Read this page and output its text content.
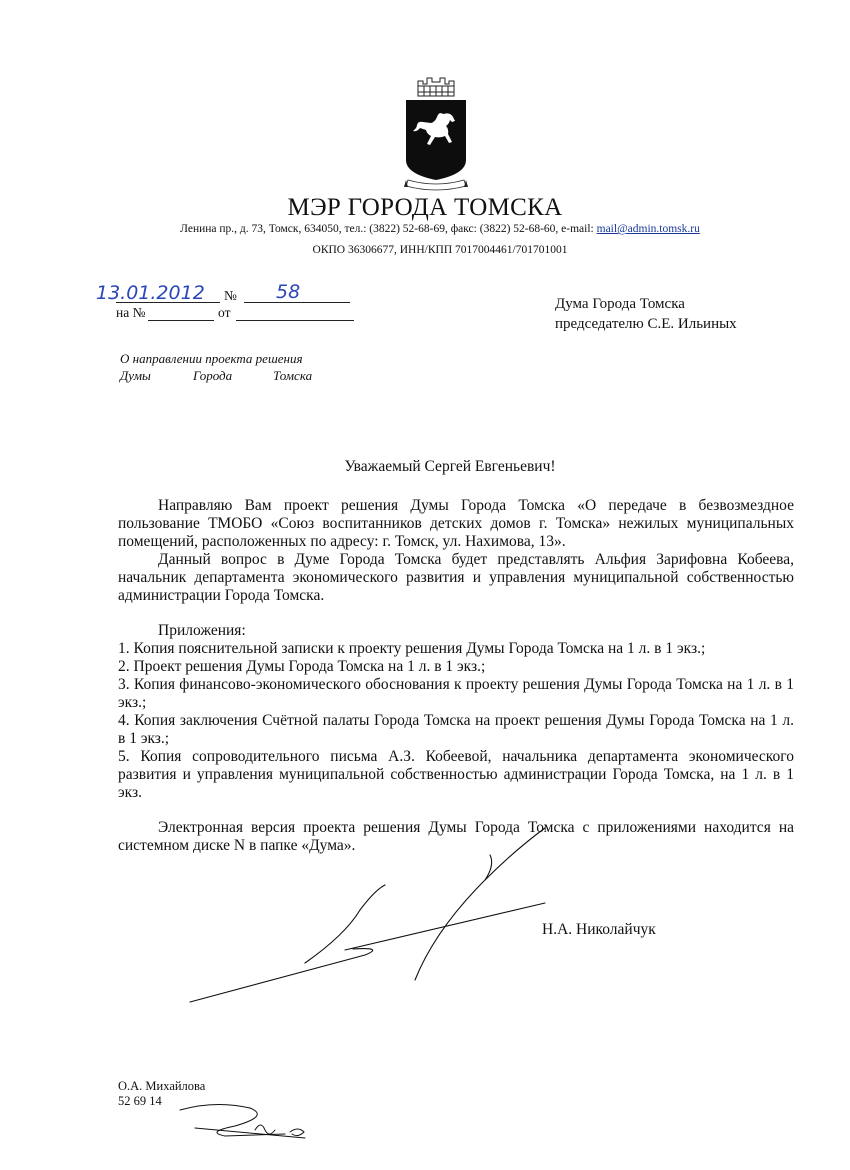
МЭР ГОРОДА ТОМСКА
Ленина пр., д. 73, Томск, 634050, тел.: (3822) 52-68-69, факс: (3822) 52-68-60, e-mail: mail@admin.tomsk.ru
ОКПО 36306677, ИНН/КПП 7017004461/701701001
13.01.2012 № 58
на №	от
Дума Города Томска
председателю С.Е. Ильиных
О направлении проекта решения
Думы	Города	Томска
Уважаемый Сергей Евгеньевич!

Направляю Вам проект решения Думы Города Томска «О передаче в безвозмездное пользование ТМОБО «Союз воспитанников детских домов г. Томска» нежилых муниципальных помещений, расположенных по адресу: г. Томск, ул. Нахимова, 13».

Данный вопрос в Думе Города Томска будет представлять Альфия Зарифовна Кобеева, начальник департамента экономического развития и управления муниципальной собственностью администрации Города Томска.

Приложения:

1. Копия пояснительной записки к проекту решения Думы Города Томска на 1 л. в 1 экз.;

2. Проект решения Думы Города Томска на 1 л. в 1 экз.;

3. Копия финансово-экономического обоснования к проекту решения Думы Города Томска на 1 л. в 1 экз.;

4. Копия заключения Счётной палаты Города Томска на проект решения Думы Города Томска на 1 л. в 1 экз.;

5. Копия сопроводительного письма А.З. Кобеевой, начальника департамента экономического развития и управления муниципальной собственностью администрации Города Томска, на 1 л. в 1 экз.

Электронная версия проекта решения Думы Города Томска с приложениями находится на системном диске N в папке «Дума».

Н.А. Николайчук
О.А. Михайлова
52 69 14
